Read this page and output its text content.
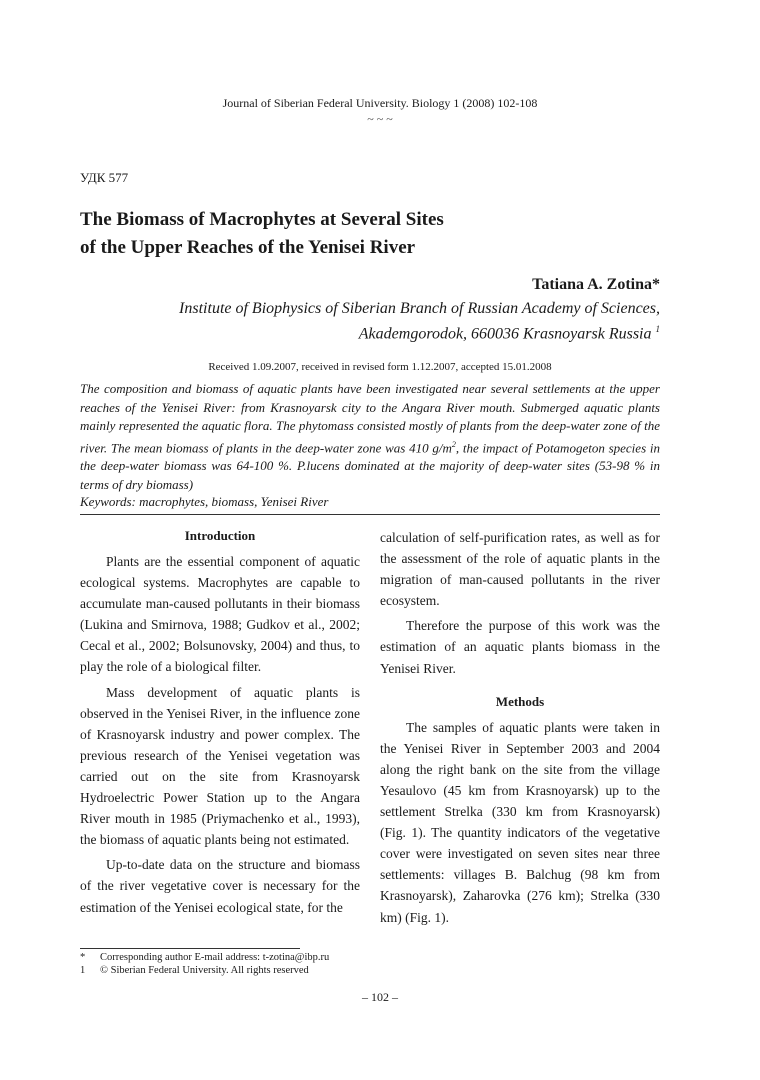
Journal of Siberian Federal University. Biology 1 (2008) 102-108
~ ~ ~
УДК 577
The Biomass of Macrophytes at Several Sites
of the Upper Reaches of the Yenisei River
Tatiana A. Zotina*
Institute of Biophysics of Siberian Branch of Russian Academy of Sciences,
Akademgorodok, 660036 Krasnoyarsk Russia $^1$
Received 1.09.2007, received in revised form 1.12.2007, accepted 15.01.2008
The composition and biomass of aquatic plants have been investigated near several settlements at the upper reaches of the Yenisei River: from Krasnoyarsk city to the Angara River mouth. Submerged aquatic plants mainly represented the aquatic flora. The phytomass consisted mostly of plants from the deep-water zone of the river. The mean biomass of plants in the deep-water zone was 410 $g/m^2$, the impact of Potamogeton species in the deep-water biomass was 64-100 %. P.lucens dominated at the majority of deep-water sites (53-98 % in terms of dry biomass)
Keywords: macrophytes, biomass, Yenisei River
Introduction

Plants are the essential component of aquatic ecological systems. Macrophytes are capable to accumulate man-caused pollutants in their biomass (Lukina and Smirnova, 1988; Gudkov et al., 2002; Cecal et al., 2002; Bolsunovsky, 2004) and thus, to play the role of a biological filter.

Mass development of aquatic plants is observed in the Yenisei River, in the influence zone of Krasnoyarsk industry and power complex. The previous research of the Yenisei vegetation was carried out on the site from Krasnoyarsk Hydroelectric Power Station up to the Angara River mouth in 1985 (Priymachenko et al., 1993), the biomass of aquatic plants being not estimated.

Up-to-date data on the structure and biomass of the river vegetative cover is necessary for the estimation of the Yenisei ecological state, for the

calculation of self-purification rates, as well as for the assessment of the role of aquatic plants in the migration of man-caused pollutants in the river ecosystem.

Therefore the purpose of this work was the estimation of an aquatic plants biomass in the Yenisei River.

Methods

The samples of aquatic plants were taken in the Yenisei River in September 2003 and 2004 along the right bank on the site from the village Yesaulovo (45 km from Krasnoyarsk) up to the settlement Strelka (330 km from Krasnoyarsk) (Fig. 1). The quantity indicators of the vegetative cover were investigated on seven sites near three settlements: villages B. Balchug (98 km from Krasnoyarsk), Zaharovka (276 km); Strelka (330 km) (Fig. 1).

* Corresponding author E-mail address: t-zotina@ibp.ru
1 © Siberian Federal University. All rights reserved
– 102 –
